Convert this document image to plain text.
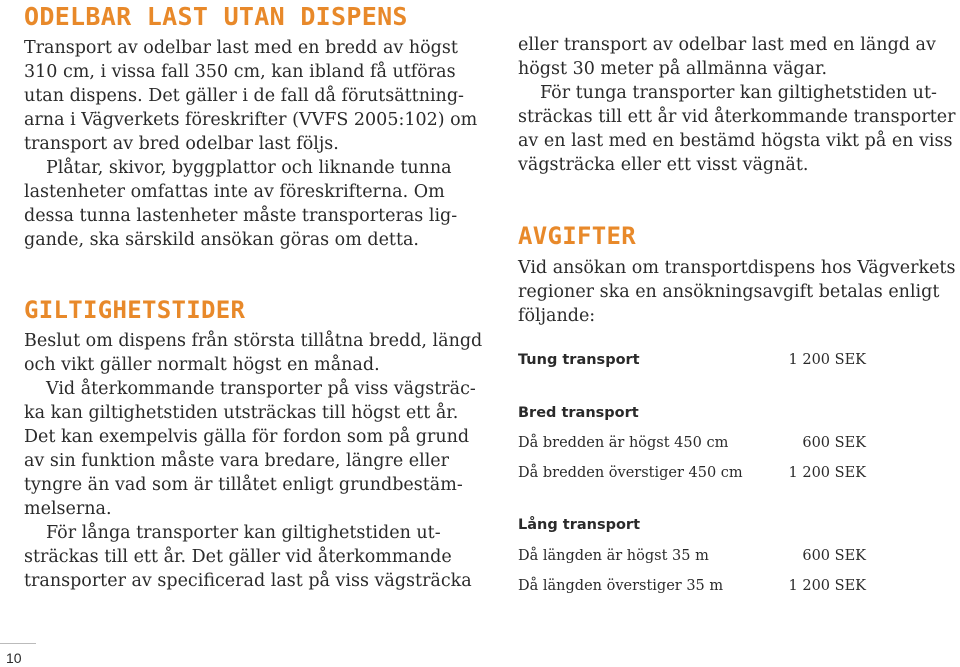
ODELBAR LAST UTAN DISPENS

Transport av odelbar last med en bredd av högst

310 cm, i vissa fall 350 cm, kan ibland få utföras

utan dispens. Det gäller i de fall då förutsättning-

arna i Vägverkets föreskrifter (VVFS 2005:102) om

transport av bred odelbar last följs.

Plåtar, skivor, byggplattor och liknande tunna

lastenheter omfattas inte av föreskrifterna. Om

dessa tunna lastenheter måste transporteras lig-

gande, ska särskild ansökan göras om detta.

GILTIGHETSTIDER

Beslut om dispens från största tillåtna bredd, längd

och vikt gäller normalt högst en månad.

Vid återkommande transporter på viss vägsträc-

ka kan giltighetstiden utsträckas till högst ett år.

Det kan exempelvis gälla för fordon som på grund

av sin funktion måste vara bredare, längre eller

tyngre än vad som är tillåtet enligt grundbestäm-

melserna.

För långa transporter kan giltighetstiden ut-

sträckas till ett år. Det gäller vid återkommande

transporter av specificerad last på viss vägsträcka

eller transport av odelbar last med en längd av

högst 30 meter på allmänna vägar.

För tunga transporter kan giltighetstiden ut-

sträckas till ett år vid återkommande transporter

av en last med en bestämd högsta vikt på en viss

vägsträcka eller ett visst vägnät.

AVGIFTER

Vid ansökan om transportdispens hos Vägverkets

regioner ska en ansökningsavgift betalas enligt

följande:

Tung transport	1 200 SEK
Bred transport
Då bredden är högst 450 cm	600 SEK
Då bredden överstiger 450 cm	1 200 SEK
Lång transport
Då längden är högst 35 m	600 SEK
Då längden överstiger 35 m	1 200 SEK
10
